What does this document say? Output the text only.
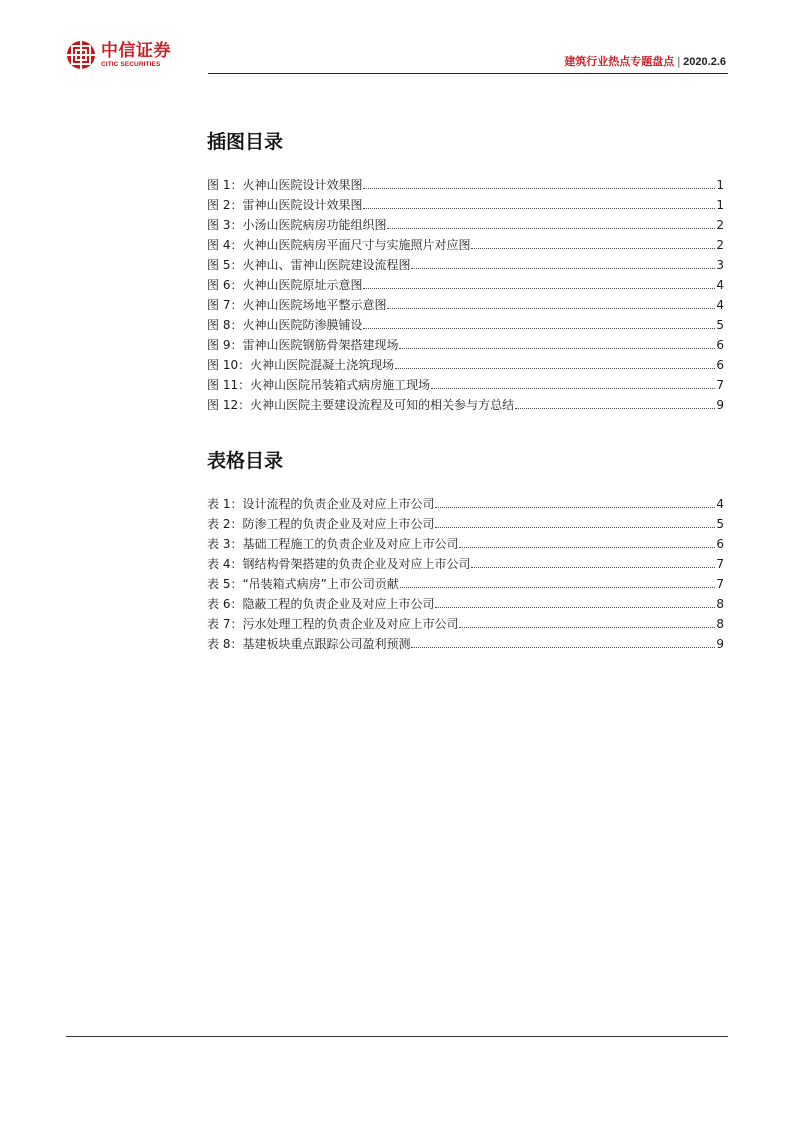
中信证券
CITIC SECURITIES	建筑行业热点专题盘点 | 2020.2.6
插图目录
图 1：火神山医院设计效果图	1
图 2：雷神山医院设计效果图	1
图 3：小汤山医院病房功能组织图	2
图 4：火神山医院病房平面尺寸与实施照片对应图	2
图 5：火神山、雷神山医院建设流程图	3
图 6：火神山医院原址示意图	4
图 7：火神山医院场地平整示意图	4
图 8：火神山医院防渗膜铺设	5
图 9：雷神山医院钢筋骨架搭建现场	6
图 10：火神山医院混凝土浇筑现场	6
图 11：火神山医院吊装箱式病房施工现场	7
图 12：火神山医院主要建设流程及可知的相关参与方总结	9
表格目录
表 1：设计流程的负责企业及对应上市公司	4
表 2：防渗工程的负责企业及对应上市公司	5
表 3：基础工程施工的负责企业及对应上市公司	6
表 4：钢结构骨架搭建的负责企业及对应上市公司	7
表 5：“吊装箱式病房”上市公司贡献	7
表 6：隐蔽工程的负责企业及对应上市公司	8
表 7：污水处理工程的负责企业及对应上市公司	8
表 8：基建板块重点跟踪公司盈利预测	9
